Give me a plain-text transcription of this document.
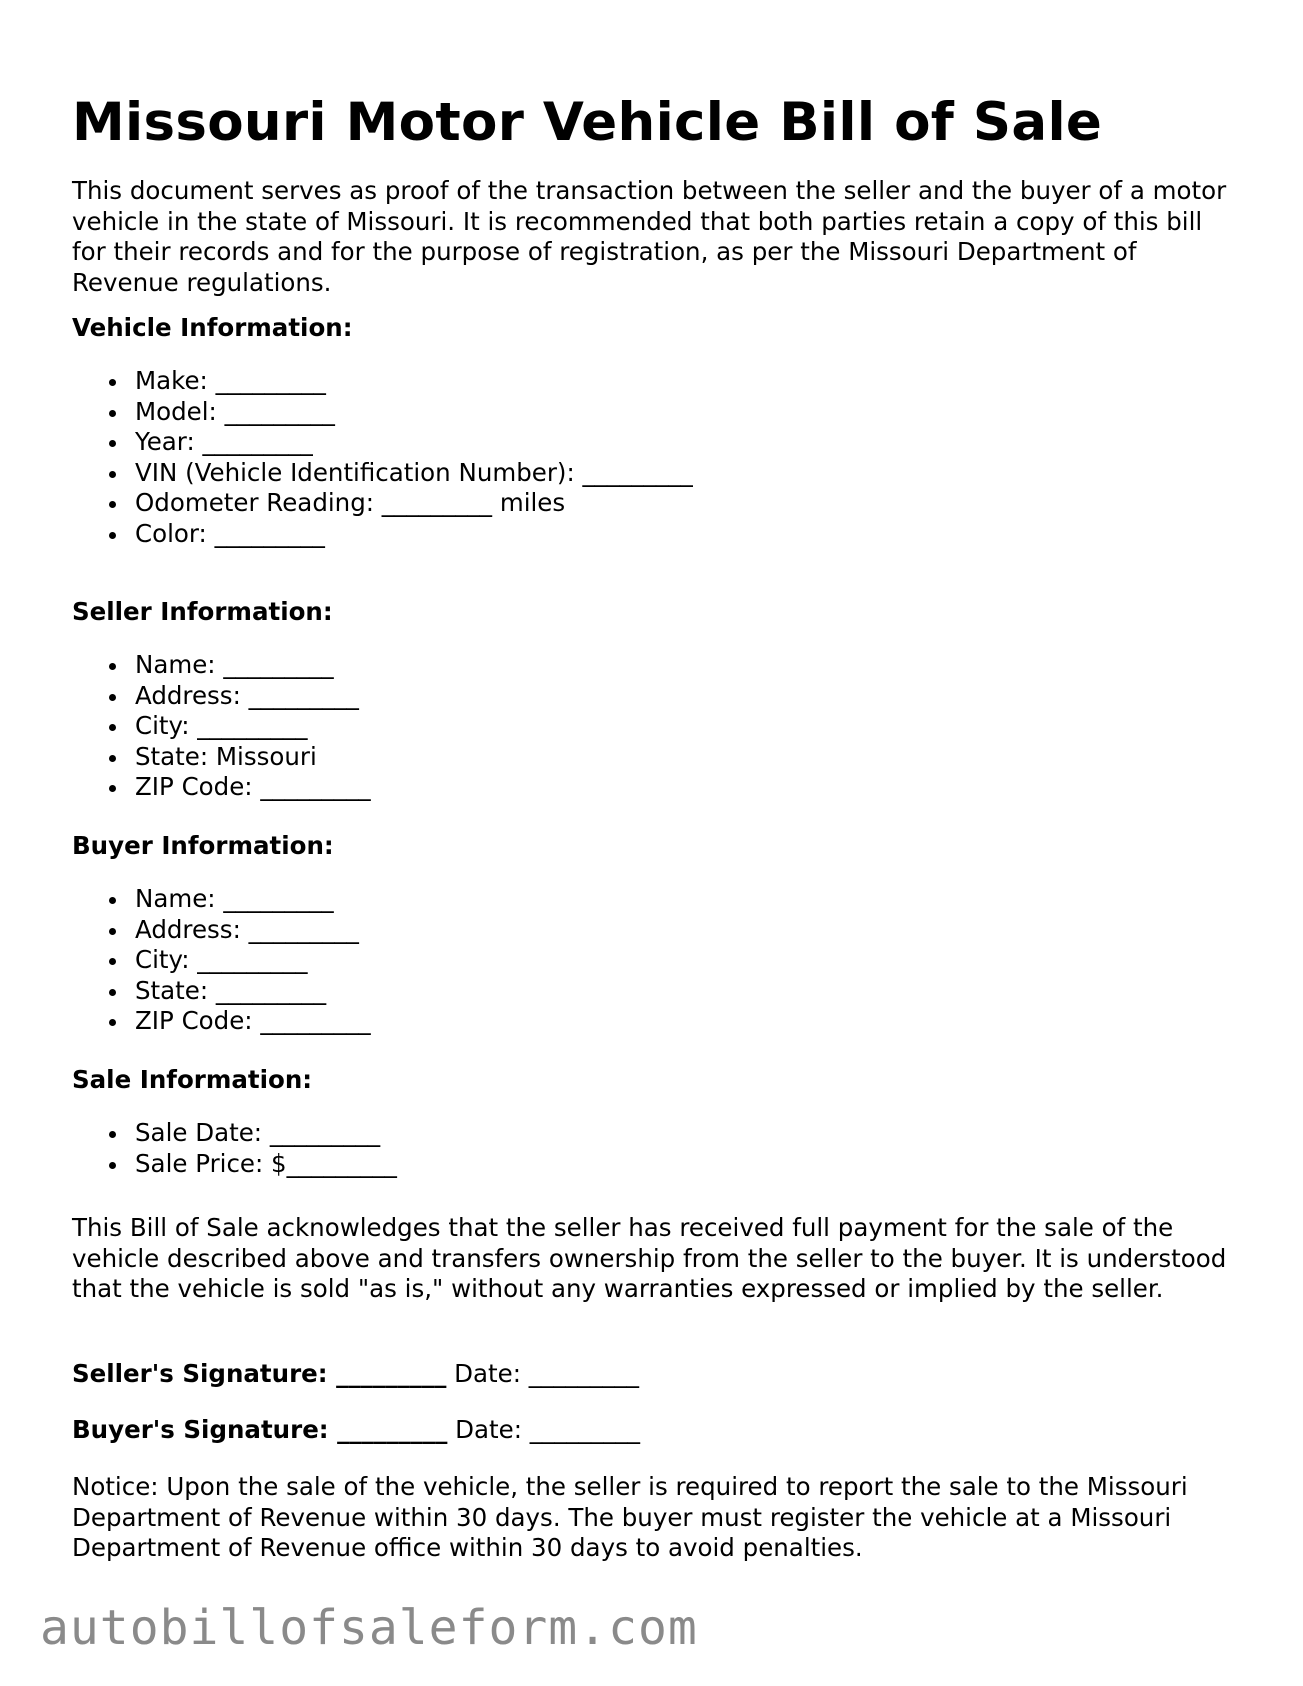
Missouri Motor Vehicle Bill of Sale

This document serves as proof of the transaction between the seller and the buyer of a motor vehicle in the state of Missouri. It is recommended that both parties retain a copy of this bill for their records and for the purpose of registration, as per the Missouri Department of Revenue regulations.

Vehicle Information:

Make: _________
Model: _________
Year: _________
VIN (Vehicle Identification Number): _________
Odometer Reading: _________ miles
Color: _________

Seller Information:

Name: _________
Address: _________
City: _________
State: Missouri
ZIP Code: _________

Buyer Information:

Name: _________
Address: _________
City: _________
State: _________
ZIP Code: _________

Sale Information:

Sale Date: _________
Sale Price: $_________

This Bill of Sale acknowledges that the seller has received full payment for the sale of the vehicle described above and transfers ownership from the seller to the buyer. It is understood that the vehicle is sold "as is," without any warranties expressed or implied by the seller.

Seller's Signature: _________ Date: _________

Buyer's Signature: _________ Date: _________

Notice: Upon the sale of the vehicle, the seller is required to report the sale to the Missouri Department of Revenue within 30 days. The buyer must register the vehicle at a Missouri Department of Revenue office within 30 days to avoid penalties.

autobillofsaleform.com
